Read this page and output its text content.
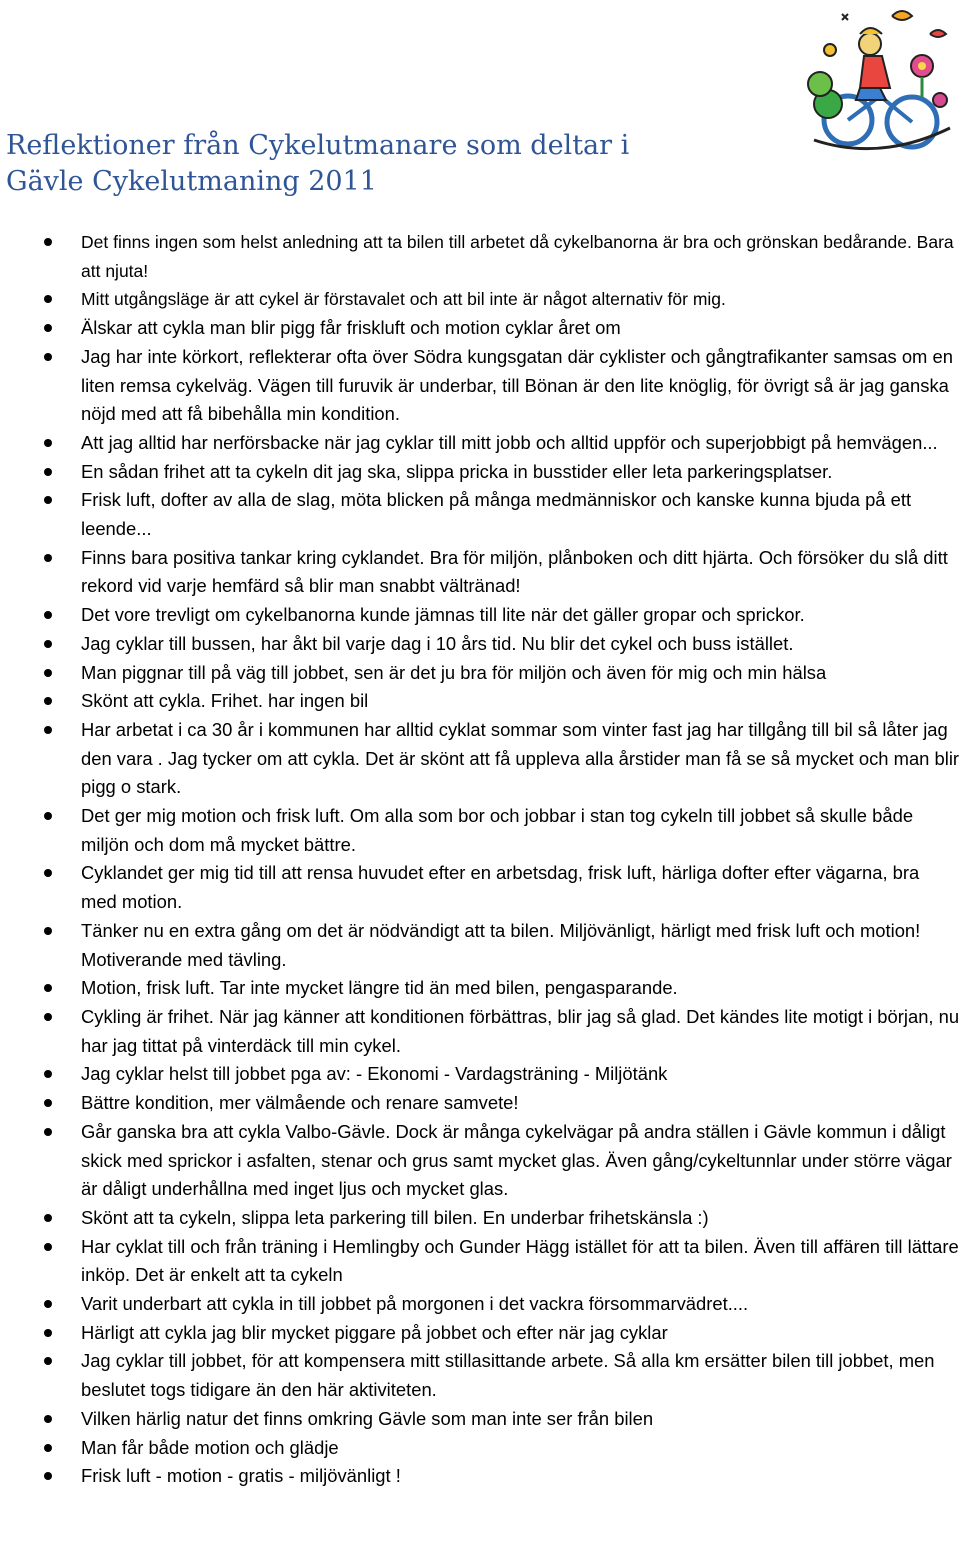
Reflektioner från Cykelutmanare som deltar i
Gävle Cykelutmaning 2011
Det finns ingen som helst anledning att ta bilen till arbetet då cykelbanorna är bra och grönskan bedårande. Bara att njuta!
Mitt utgångsläge är att cykel är förstavalet och att bil inte är något alternativ för mig.
Älskar att cykla man blir pigg får friskluft och motion cyklar året om
Jag har inte körkort, reflekterar ofta över Södra kungsgatan där cyklister och gångtrafikanter samsas om en liten remsa cykelväg. Vägen till furuvik är underbar, till Bönan är den lite knöglig, för övrigt så är jag ganska nöjd med att få bibehålla min kondition.
Att jag alltid har nerförsbacke när jag cyklar till mitt jobb och alltid uppför och superjobbigt på hemvägen...
En sådan frihet att ta cykeln dit jag ska, slippa pricka in busstider eller leta parkeringsplatser.
Frisk luft, dofter av alla de slag, möta blicken på många medmänniskor och kanske kunna bjuda på ett leende...
Finns bara positiva tankar kring cyklandet. Bra för miljön, plånboken och ditt hjärta. Och försöker du slå ditt rekord vid varje hemfärd så blir man snabbt vältränad!
Det vore trevligt om cykelbanorna kunde jämnas till lite när det gäller gropar och sprickor.
Jag cyklar till bussen, har åkt bil varje dag i 10 års tid. Nu blir det cykel och buss istället.
Man piggnar till på väg till jobbet, sen är det ju bra för miljön och även för mig och min hälsa
Skönt att cykla. Frihet. har ingen bil
Har arbetat i ca 30 år i kommunen har alltid cyklat sommar som vinter fast jag har tillgång till bil så låter jag den vara . Jag tycker om att cykla. Det är skönt att få uppleva alla årstider man få se så mycket och man blir pigg o stark.
Det ger mig motion och frisk luft. Om alla som bor och jobbar i stan tog cykeln till jobbet så skulle både miljön och dom må mycket bättre.
Cyklandet ger mig tid till att rensa huvudet efter en arbetsdag, frisk luft, härliga dofter efter vägarna, bra med motion.
Tänker nu en extra gång om det är nödvändigt att ta bilen. Miljövänligt, härligt med frisk luft och motion! Motiverande med tävling.
Motion, frisk luft. Tar inte mycket längre tid än med bilen, pengasparande.
Cykling är frihet. När jag känner att konditionen förbättras, blir jag så glad. Det kändes lite motigt i början, nu har jag tittat på vinterdäck till min cykel.
Jag cyklar helst till jobbet pga av: - Ekonomi - Vardagsträning - Miljötänk
Bättre kondition, mer välmående och renare samvete!
Går ganska bra att cykla Valbo-Gävle. Dock är många cykelvägar på andra ställen i Gävle kommun i dåligt skick med sprickor i asfalten, stenar och grus samt mycket glas. Även gång/cykeltunnlar under större vägar är dåligt underhållna med inget ljus och mycket glas.
Skönt att ta cykeln, slippa leta parkering till bilen. En underbar frihetskänsla :)
Har cyklat till och från träning i Hemlingby och Gunder Hägg istället för att ta bilen. Även till affären till lättare inköp. Det är enkelt att ta cykeln
Varit underbart att cykla in till jobbet på morgonen i det vackra försommarvädret....
Härligt att cykla jag blir mycket piggare på jobbet och efter när jag cyklar
Jag cyklar till jobbet, för att kompensera mitt stillasittande arbete. Så alla km ersätter bilen till jobbet, men beslutet togs tidigare än den här aktiviteten.
Vilken härlig natur det finns omkring Gävle som man inte ser från bilen
Man får både motion och glädje
Frisk luft - motion - gratis - miljövänligt !
